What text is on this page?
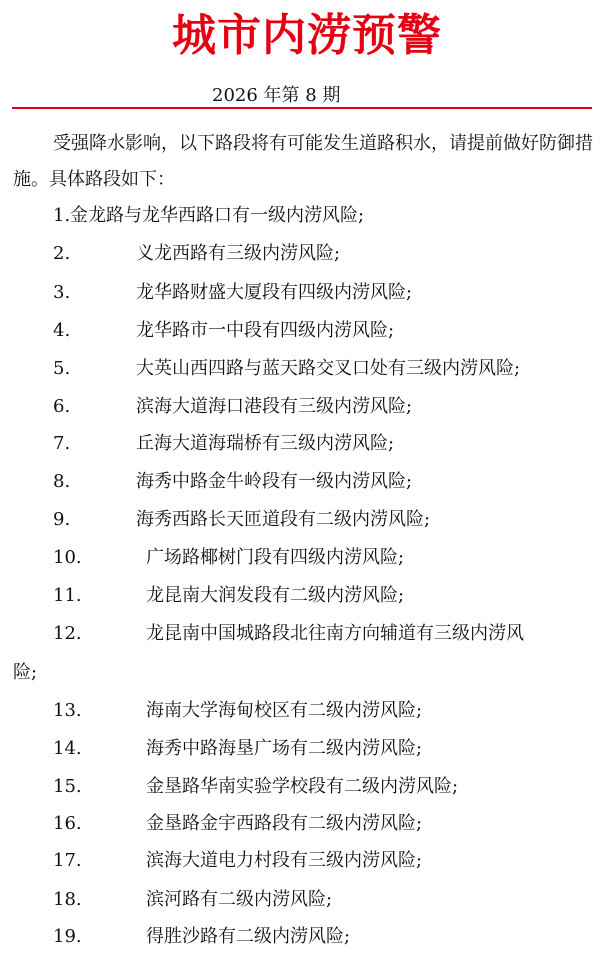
城市内涝预警
2026 年第 8 期

受强降水影响，以下路段将有可能发生道路积水，请提前做好防御措施。具体路段如下：

1. 金龙路与龙华西路口有一级内涝风险;
2.	义龙西路有三级内涝风险;
3.	龙华路财盛大厦段有四级内涝风险;
4.	龙华路市一中段有四级内涝风险;
5.	大英山西四路与蓝天路交叉口处有三级内涝风险;
6.	滨海大道海口港段有三级内涝风险;
7.	丘海大道海瑞桥有三级内涝风险;
8.	海秀中路金牛岭段有一级内涝风险;
9.	海秀西路长天匝道段有二级内涝风险;
10.	广场路椰树门段有四级内涝风险;
11.	龙昆南大润发段有二级内涝风险;
12.	龙昆南中国城路段北往南方向辅道有三级内涝风
险;
13.	海南大学海甸校区有二级内涝风险;
14.	海秀中路海垦广场有二级内涝风险;
15.	金垦路华南实验学校段有二级内涝风险;
16.	金垦路金宇西路段有二级内涝风险;
17.	滨海大道电力村段有三级内涝风险;
18.	滨河路有二级内涝风险;
19.	得胜沙路有二级内涝风险;
